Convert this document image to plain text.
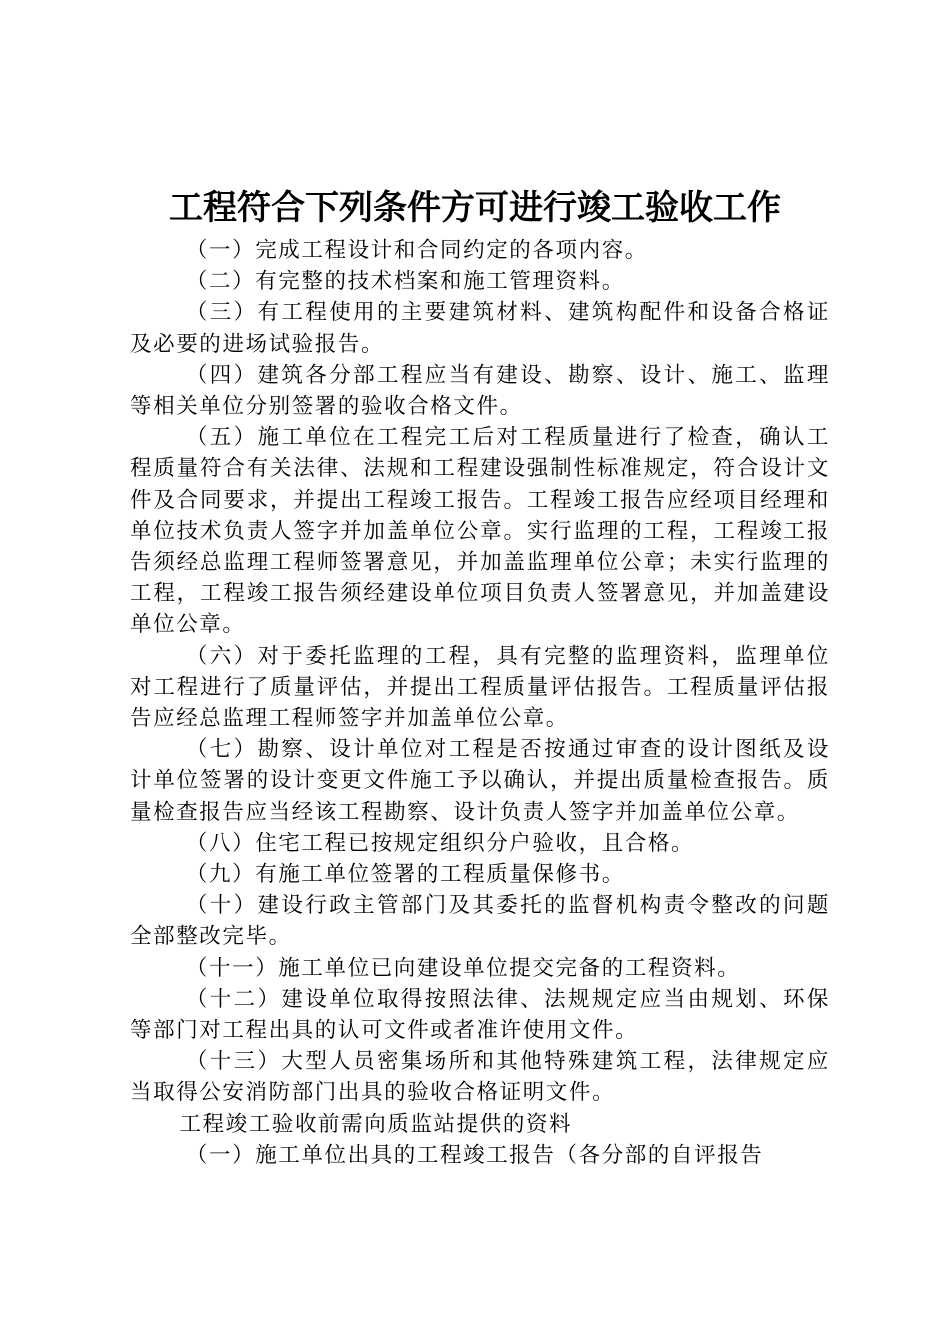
工程符合下列条件方可进行竣工验收工作

（一）完成工程设计和合同约定的各项内容。

（二）有完整的技术档案和施工管理资料。

（三）有工程使用的主要建筑材料、建筑构配件和设备合格证及必要的进场试验报告。

（四）建筑各分部工程应当有建设、勘察、设计、施工、监理等相关单位分别签署的验收合格文件。

（五）施工单位在工程完工后对工程质量进行了检查，确认工程质量符合有关法律、法规和工程建设强制性标准规定，符合设计文件及合同要求，并提出工程竣工报告。工程竣工报告应经项目经理和单位技术负责人签字并加盖单位公章。实行监理的工程，工程竣工报告须经总监理工程师签署意见，并加盖监理单位公章；未实行监理的工程，工程竣工报告须经建设单位项目负责人签署意见，并加盖建设单位公章。

（六）对于委托监理的工程，具有完整的监理资料，监理单位对工程进行了质量评估，并提出工程质量评估报告。工程质量评估报告应经总监理工程师签字并加盖单位公章。

（七）勘察、设计单位对工程是否按通过审查的设计图纸及设计单位签署的设计变更文件施工予以确认，并提出质量检查报告。质量检查报告应当经该工程勘察、设计负责人签字并加盖单位公章。

（八）住宅工程已按规定组织分户验收，且合格。

（九）有施工单位签署的工程质量保修书。

（十）建设行政主管部门及其委托的监督机构责令整改的问题全部整改完毕。

（十一）施工单位已向建设单位提交完备的工程资料。

（十二）建设单位取得按照法律、法规规定应当由规划、环保等部门对工程出具的认可文件或者准许使用文件。

（十三）大型人员密集场所和其他特殊建筑工程，法律规定应当取得公安消防部门出具的验收合格证明文件。

工程竣工验收前需向质监站提供的资料

（一）施工单位出具的工程竣工报告（各分部的自评报告
